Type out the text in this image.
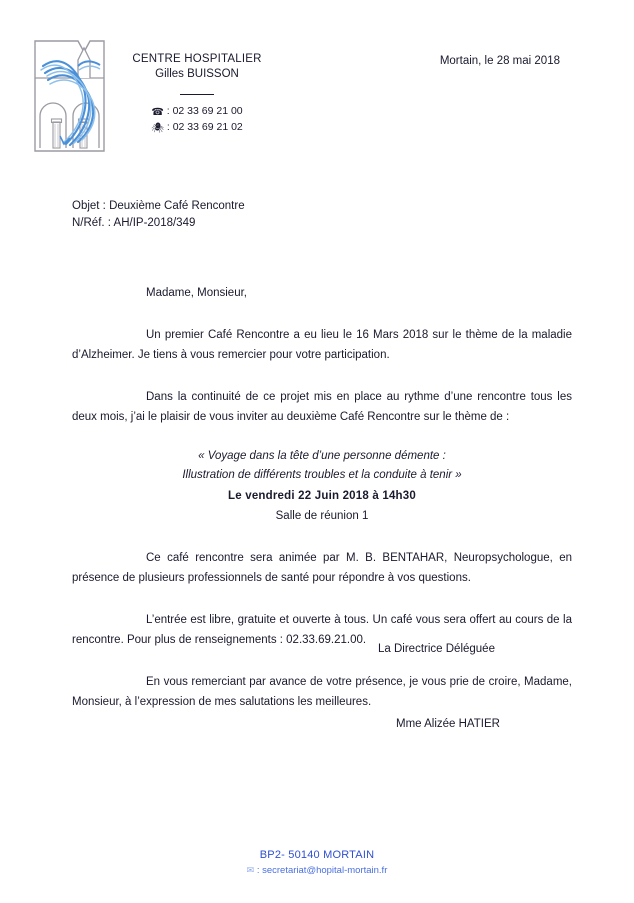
CENTRE HOSPITALIER
Gilles BUISSON
☎ : 02 33 69 21 00
🕷 : 02 33 69 21 02
Mortain, le 28 mai 2018
Objet : Deuxième Café Rencontre
N/Réf. : AH/IP-2018/349

Madame, Monsieur,

Un premier Café Rencontre a eu lieu le 16 Mars 2018 sur le thème de la maladie d’Alzheimer. Je tiens à vous remercier pour votre participation.

Dans la continuité de ce projet mis en place au rythme d’une rencontre tous les deux mois, j’ai le plaisir de vous inviter au deuxième Café Rencontre sur le thème de :

« Voyage dans la tête d’une personne démente :
Illustration de différents troubles et la conduite à tenir »
Le vendredi 22 Juin 2018 à 14h30
Salle de réunion 1

Ce café rencontre sera animée par M. B. BENTAHAR, Neuropsychologue, en présence de plusieurs professionnels de santé pour répondre à vos questions.

L’entrée est libre, gratuite et ouverte à tous. Un café vous sera offert au cours de la rencontre. Pour plus de renseignements : 02.33.69.21.00.

En vous remerciant par avance de votre présence, je vous prie de croire, Madame, Monsieur, à l’expression de mes salutations les meilleures.

La Directrice Déléguée
Mme Alizée HATIER
BP2- 50140 MORTAIN
✉ : secretariat@hopital-mortain.fr
